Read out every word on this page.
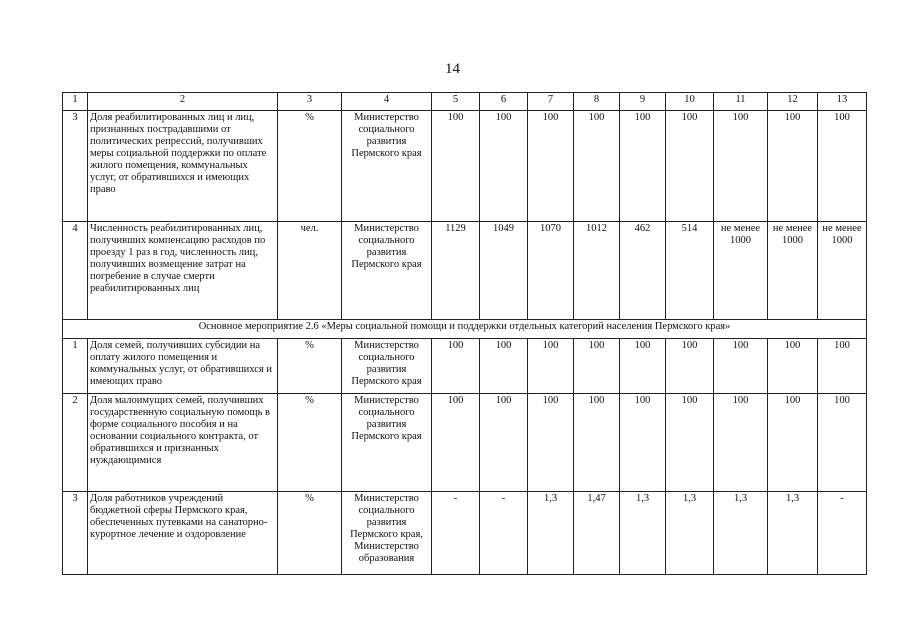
14
1	2	3	4	5	6	7	8	9	10	11	12	13
3	Доля реабилитированных лиц и лиц, признанных пострадавшими от политических репрессий, получивших меры социальной поддержки по оплате жилого помещения, коммунальных услуг, от обратившихся и имеющих право	%	Министерство социального развития Пермского края	100	100	100	100	100	100	100	100	100
4	Численность реабилитированных лиц, получивших компенсацию расходов по проезду 1 раз в год, численность лиц, получивших возмещение затрат на погребение в случае смерти реабилитированных лиц	чел.	Министерство социального развития Пермского края	1129	1049	1070	1012	462	514	не менее 1000	не менее 1000	не менее 1000
Основное мероприятие 2.6 «Меры социальной помощи и поддержки отдельных категорий населения Пермского края»												
1	Доля семей, получивших субсидии на оплату жилого помещения и коммунальных услуг, от обратившихся и имеющих право	%	Министерство социального развития Пермского края	100	100	100	100	100	100	100	100	100
2	Доля малоимущих семей, получивших государственную социальную помощь в форме социального пособия и на основании социального контракта, от обратившихся и признанных нуждающимися	%	Министерство социального развития Пермского края	100	100	100	100	100	100	100	100	100
3	Доля работников учреждений бюджетной сферы Пермского края, обеспеченных путевками на санаторно-курортное лечение и оздоровление	%	Министерство социального развития Пермского края, Министерство образования	-	-	1,3	1,47	1,3	1,3	1,3	1,3	-
